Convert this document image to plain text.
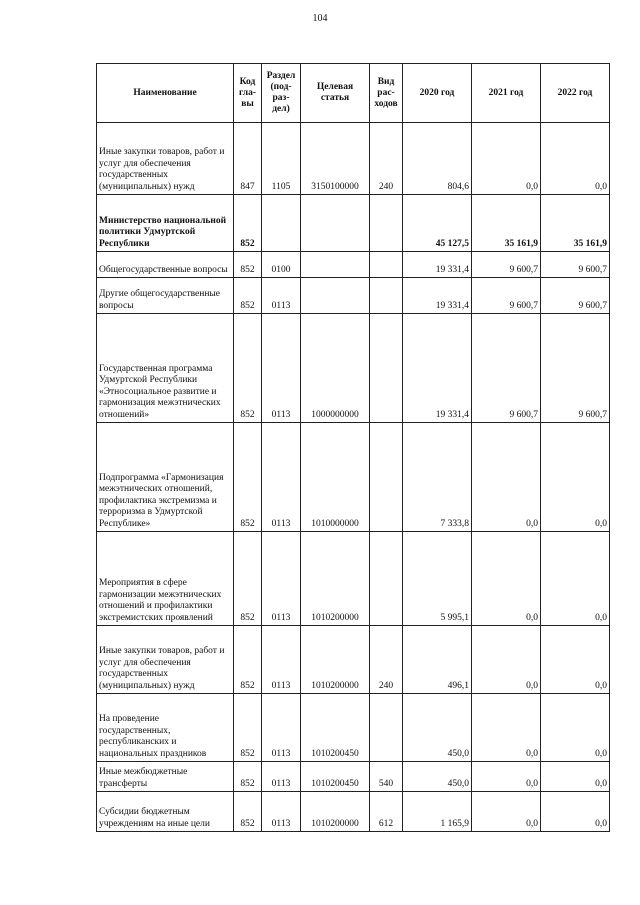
104
Наименование	Код гла- вы	Раздел (под- раз- дел)	Целевая статья	Вид рас- ходов	2020 год	2021 год	2022 год
Иные закупки товаров, работ и услуг для обеспечения государственных (муниципальных) нужд	847	1105	3150100000	240	804,6	0,0	0,0
Министерство национальной политики Удмуртской Республики	852				45 127,5	35 161,9	35 161,9
Общегосударственные вопросы	852	0100			19 331,4	9 600,7	9 600,7
Другие общегосударственные вопросы	852	0113			19 331,4	9 600,7	9 600,7
Государственная программа Удмуртской Республики «Этносоциальное развитие и гармонизация межэтнических отношений»	852	0113	1000000000		19 331,4	9 600,7	9 600,7
Подпрограмма «Гармонизация межэтнических отношений, профилактика экстремизма и терроризма в Удмуртской Республике»	852	0113	1010000000		7 333,8	0,0	0,0
Мероприятия в сфере гармонизации межэтнических отношений и профилактики экстремистских проявлений	852	0113	1010200000		5 995,1	0,0	0,0
Иные закупки товаров, работ и услуг для обеспечения государственных (муниципальных) нужд	852	0113	1010200000	240	496,1	0,0	0,0
На проведение государственных, республиканских и национальных праздников	852	0113	1010200450		450,0	0,0	0,0
Иные межбюджетные трансферты	852	0113	1010200450	540	450,0	0,0	0,0
Субсидии бюджетным учреждениям на иные цели	852	0113	1010200000	612	1 165,9	0,0	0,0
